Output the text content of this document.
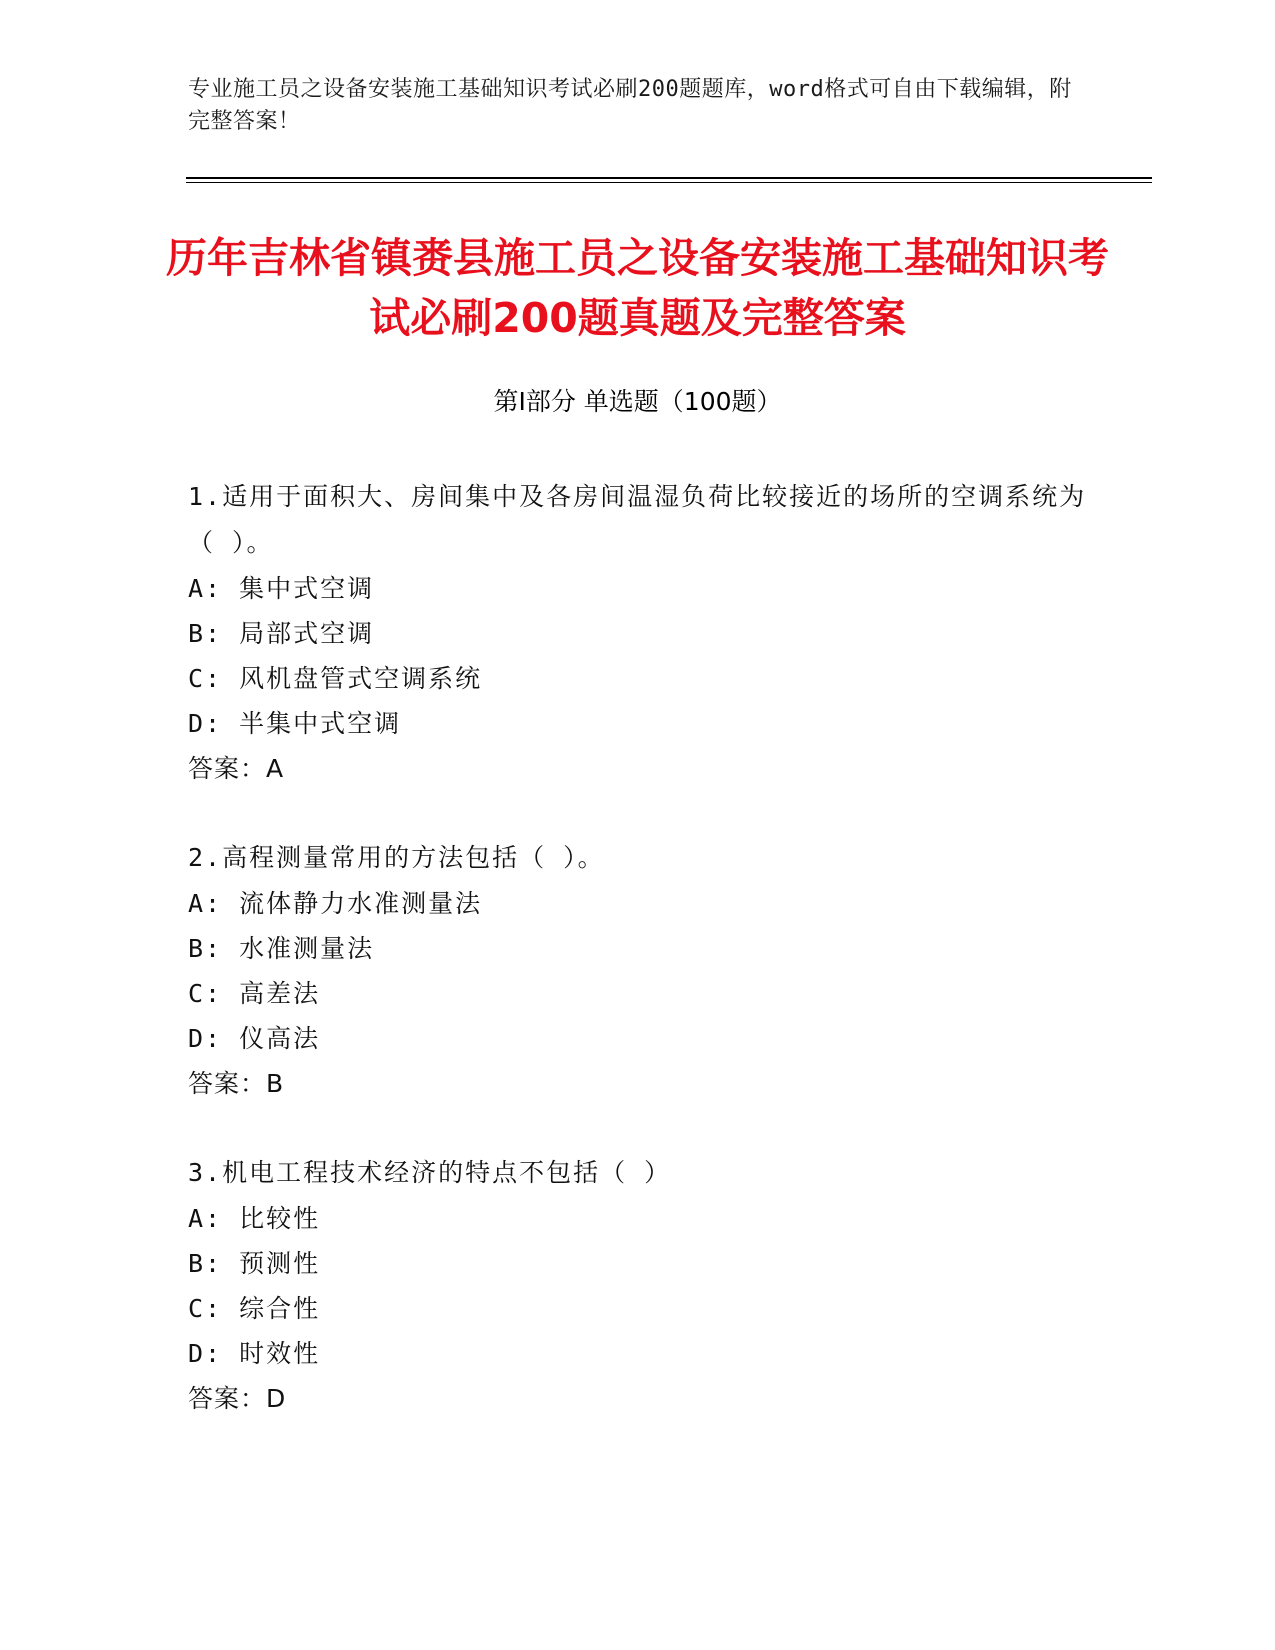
专业施工员之设备安装施工基础知识考试必刷200题题库，word格式可自由下载编辑，附完整答案！
历年吉林省镇赉县施工员之设备安装施工基础知识考试必刷200题真题及完整答案
第Ⅰ部分 单选题（100题）
1.适用于面积大、房间集中及各房间温湿负荷比较接近的场所的空调系统为（ ）。
A: 集中式空调
B: 局部式空调
C: 风机盘管式空调系统
D: 半集中式空调
答案：A
2.高程测量常用的方法包括（ ）。
A: 流体静力水准测量法
B: 水准测量法
C: 高差法
D: 仪高法
答案：B
3.机电工程技术经济的特点不包括（ ）
A: 比较性
B: 预测性
C: 综合性
D: 时效性
答案：D
